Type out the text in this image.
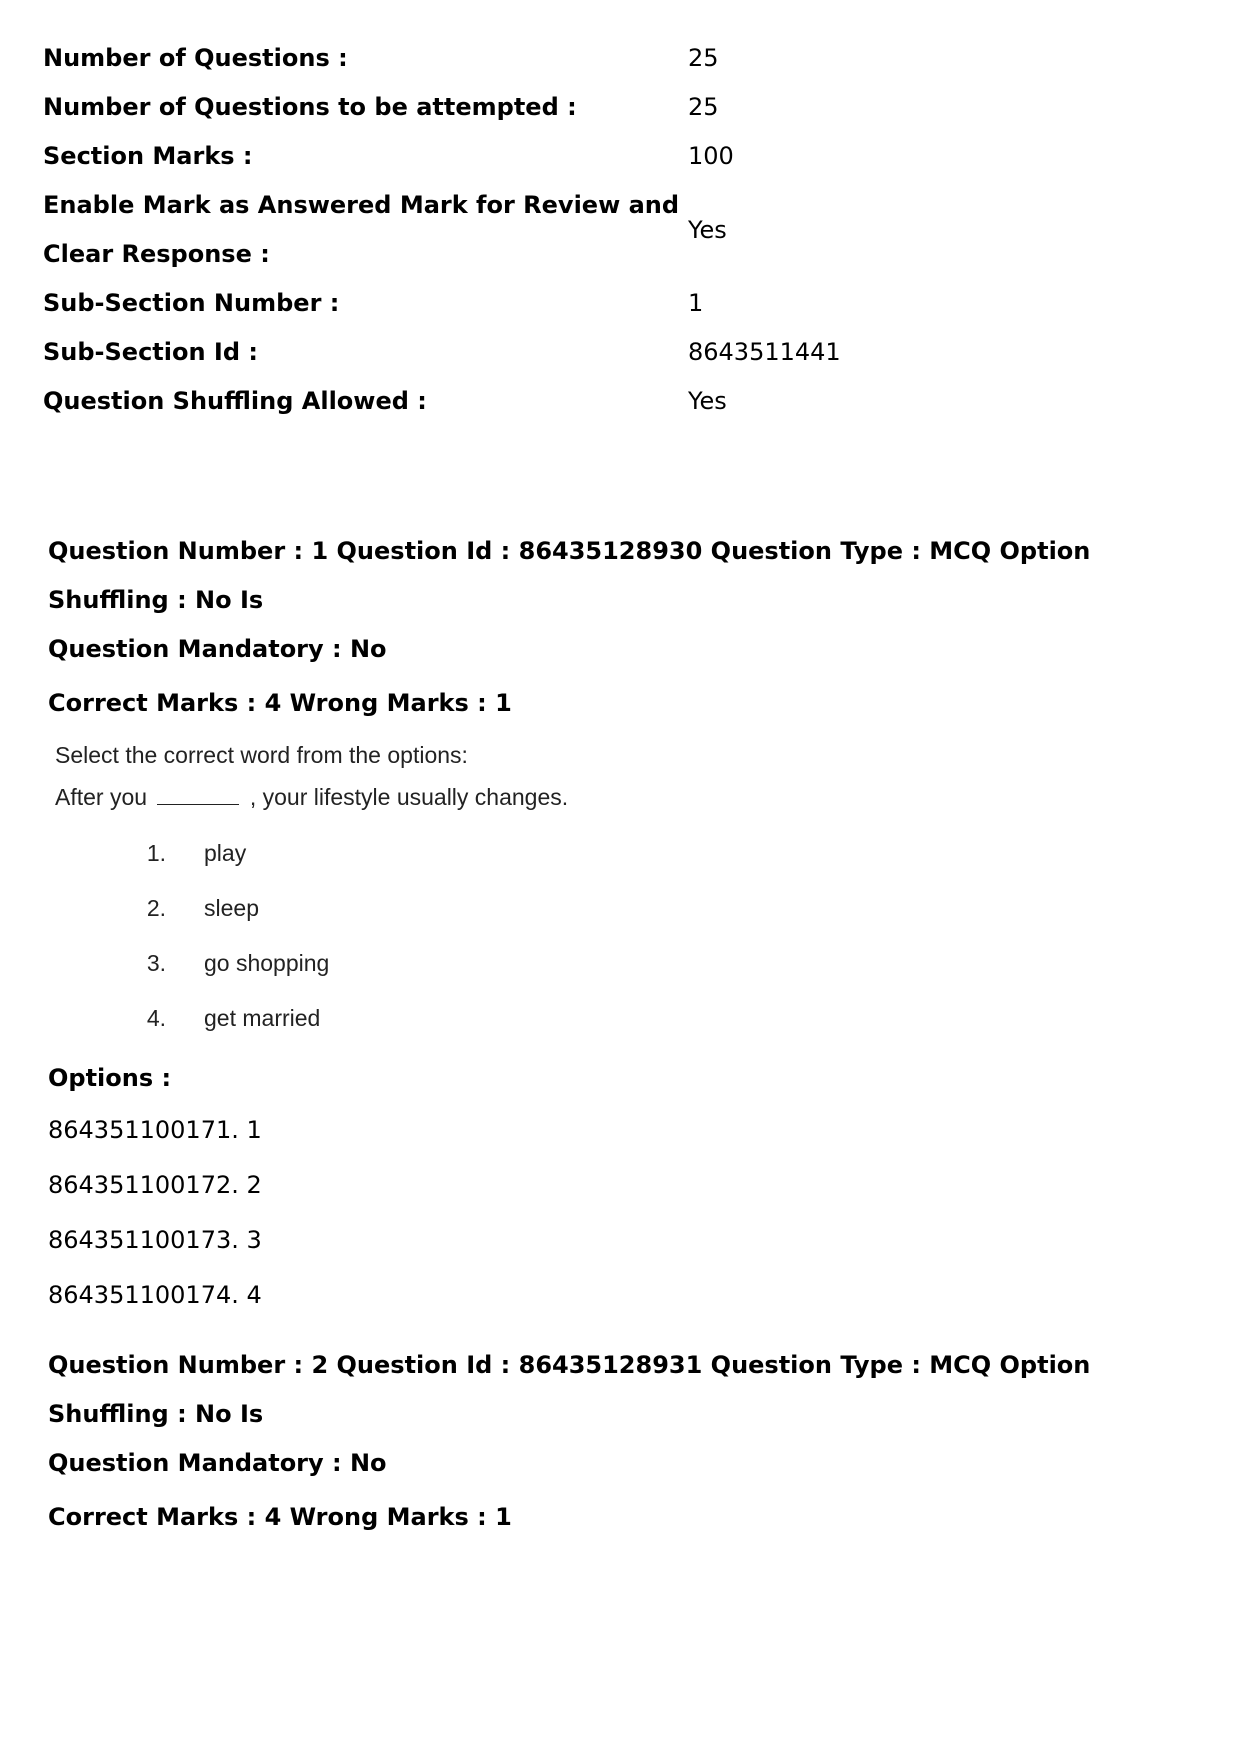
Number of Questions :	25
Number of Questions to be attempted :	25
Section Marks :	100
Enable Mark as Answered Mark for Review and
Clear Response :
Yes
Sub-Section Number :	1
Sub-Section Id :	8643511441
Question Shuffling Allowed :	Yes
Question Number : 1 Question Id : 86435128930 Question Type : MCQ Option Shuffling : No Is
Question Mandatory : No
Correct Marks : 4 Wrong Marks : 1
Select the correct word from the options:
After you	, your lifestyle usually changes.
1. play
2. sleep
3. go shopping
4. get married
Options :
864351100171. 1
864351100172. 2
864351100173. 3
864351100174. 4
Question Number : 2 Question Id : 86435128931 Question Type : MCQ Option Shuffling : No Is
Question Mandatory : No
Correct Marks : 4 Wrong Marks : 1
